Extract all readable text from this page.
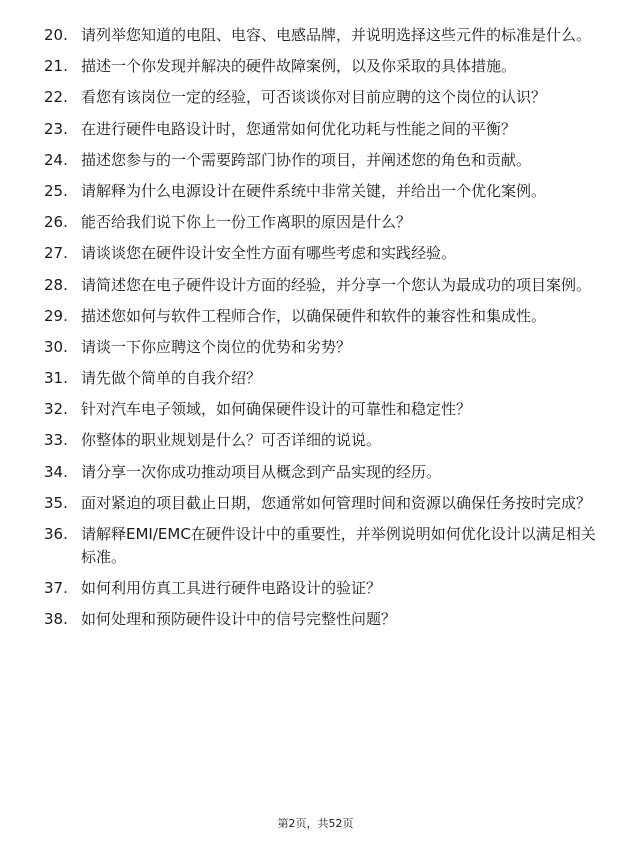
20. 请列举您知道的电阻、电容、电感品牌，并说明选择这些元件的标准是什么。
21. 描述一个你发现并解决的硬件故障案例，以及你采取的具体措施。
22. 看您有该岗位一定的经验，可否谈谈你对目前应聘的这个岗位的认识？
23. 在进行硬件电路设计时，您通常如何优化功耗与性能之间的平衡？
24. 描述您参与的一个需要跨部门协作的项目，并阐述您的角色和贡献。
25. 请解释为什么电源设计在硬件系统中非常关键，并给出一个优化案例。
26. 能否给我们说下你上一份工作离职的原因是什么？
27. 请谈谈您在硬件设计安全性方面有哪些考虑和实践经验。
28. 请简述您在电子硬件设计方面的经验，并分享一个您认为最成功的项目案例。
29. 描述您如何与软件工程师合作，以确保硬件和软件的兼容性和集成性。
30. 请谈一下你应聘这个岗位的优势和劣势？
31. 请先做个简单的自我介绍？
32. 针对汽车电子领域，如何确保硬件设计的可靠性和稳定性？
33. 你整体的职业规划是什么？可否详细的说说。
34. 请分享一次你成功推动项目从概念到产品实现的经历。
35. 面对紧迫的项目截止日期，您通常如何管理时间和资源以确保任务按时完成？
36. 请解释EMI/EMC在硬件设计中的重要性，并举例说明如何优化设计以满足相关标准。
37. 如何利用仿真工具进行硬件电路设计的验证？
38. 如何处理和预防硬件设计中的信号完整性问题？
第2页，共52页
